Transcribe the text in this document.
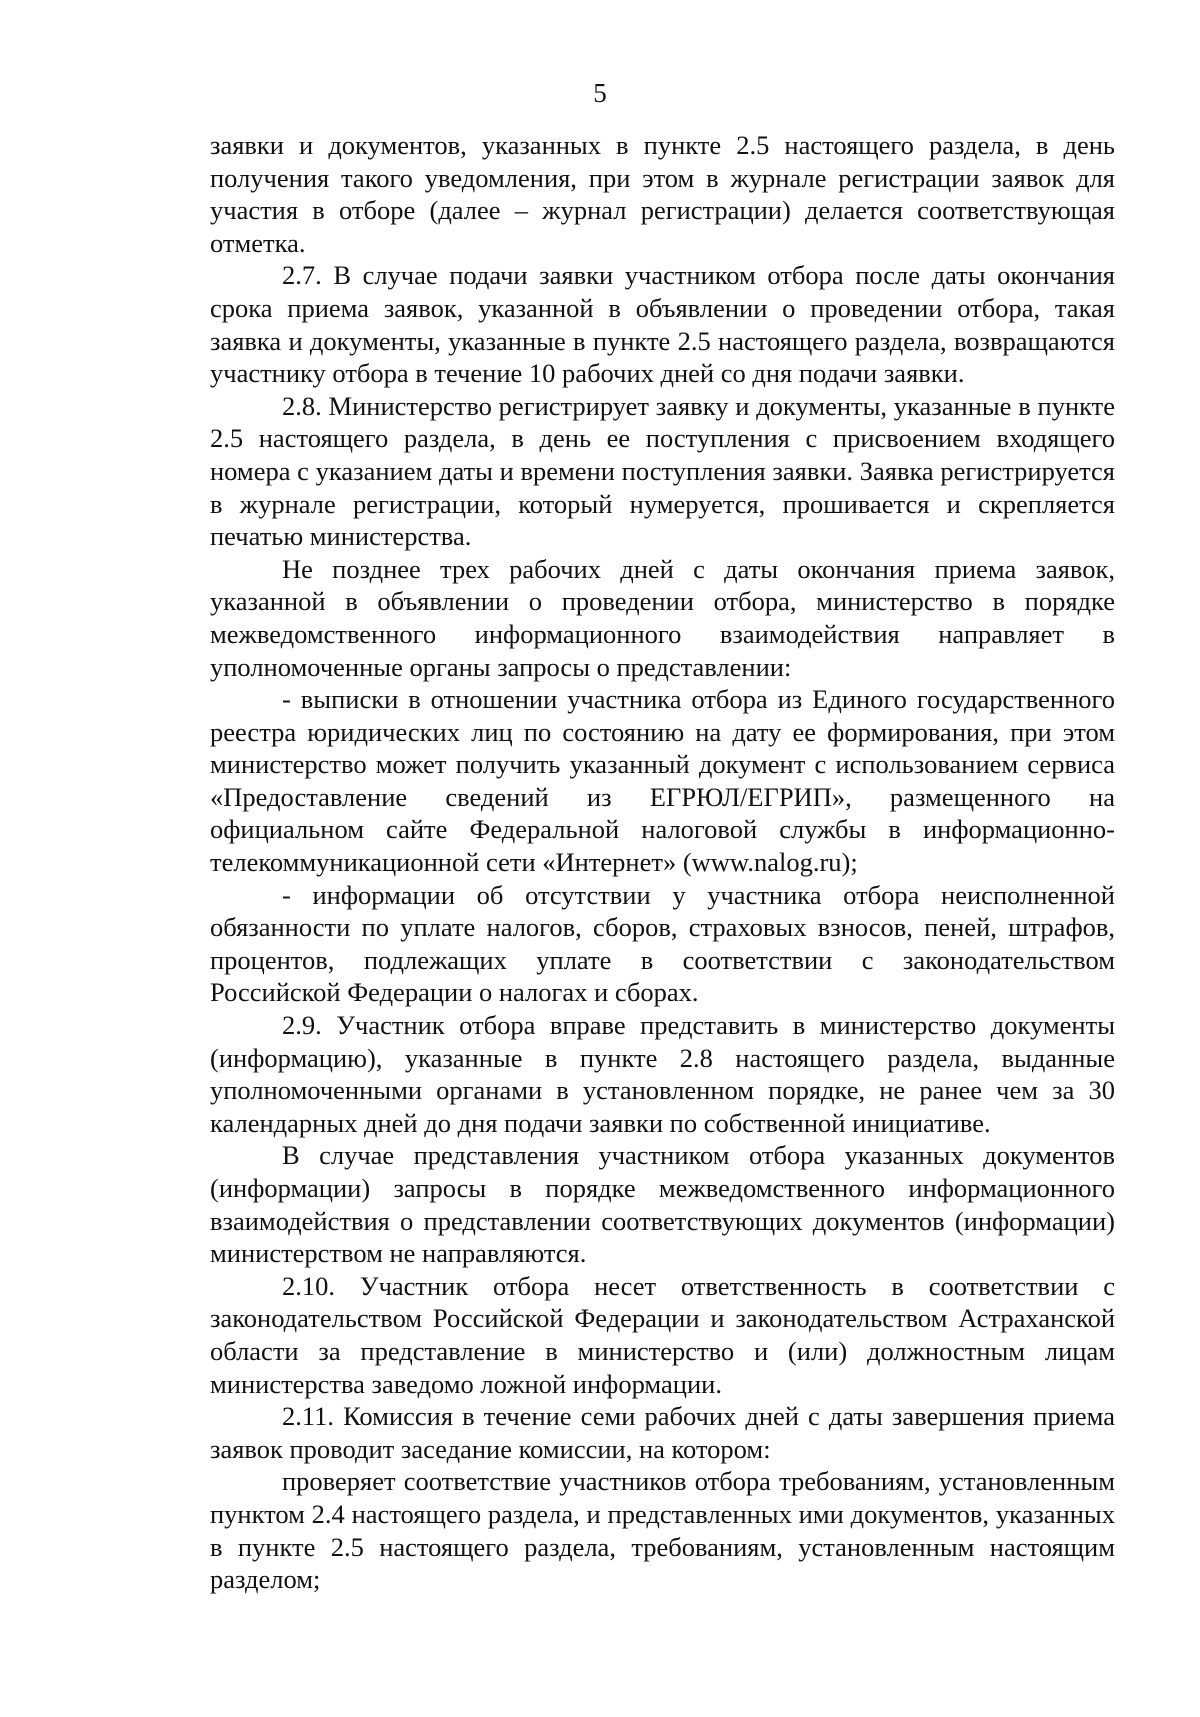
5

заявки и документов, указанных в пункте 2.5 настоящего раздела, в день получения такого уведомления, при этом в журнале регистрации заявок для участия в отборе (далее – журнал регистрации) делается соответствующая отметка.

2.7. В случае подачи заявки участником отбора после даты окончания срока приема заявок, указанной в объявлении о проведении отбора, такая заявка и документы, указанные в пункте 2.5 настоящего раздела, возвращаются участнику отбора в течение 10 рабочих дней со дня подачи заявки.

2.8. Министерство регистрирует заявку и документы, указанные в пункте 2.5 настоящего раздела, в день ее поступления с присвоением входящего номера с указанием даты и времени поступления заявки. Заявка регистрируется в журнале регистрации, который нумеруется, прошивается и скрепляется печатью министерства.

Не позднее трех рабочих дней с даты окончания приема заявок, указанной в объявлении о проведении отбора, министерство в порядке межведомственного информационного взаимодействия направляет в уполномоченные органы запросы о представлении:

- выписки в отношении участника отбора из Единого государственного реестра юридических лиц по состоянию на дату ее формирования, при этом министерство может получить указанный документ с использованием сервиса «Предоставление сведений из ЕГРЮЛ/ЕГРИП», размещенного на официальном сайте Федеральной налоговой службы в информационно-телекоммуникационной сети «Интернет» (www.nalog.ru);

- информации об отсутствии у участника отбора неисполненной обязанности по уплате налогов, сборов, страховых взносов, пеней, штрафов, процентов, подлежащих уплате в соответствии с законодательством Российской Федерации о налогах и сборах.

2.9. Участник отбора вправе представить в министерство документы (информацию), указанные в пункте 2.8 настоящего раздела, выданные уполномоченными органами в установленном порядке, не ранее чем за 30 календарных дней до дня подачи заявки по собственной инициативе.

В случае представления участником отбора указанных документов (информации) запросы в порядке межведомственного информационного взаимодействия о представлении соответствующих документов (информации) министерством не направляются.

2.10. Участник отбора несет ответственность в соответствии с законодательством Российской Федерации и законодательством Астраханской области за представление в министерство и (или) должностным лицам министерства заведомо ложной информации.

2.11. Комиссия в течение семи рабочих дней с даты завершения приема заявок проводит заседание комиссии, на котором:

проверяет соответствие участников отбора требованиям, установленным пунктом 2.4 настоящего раздела, и представленных ими документов, указанных в пункте 2.5 настоящего раздела, требованиям, установленным настоящим разделом;
